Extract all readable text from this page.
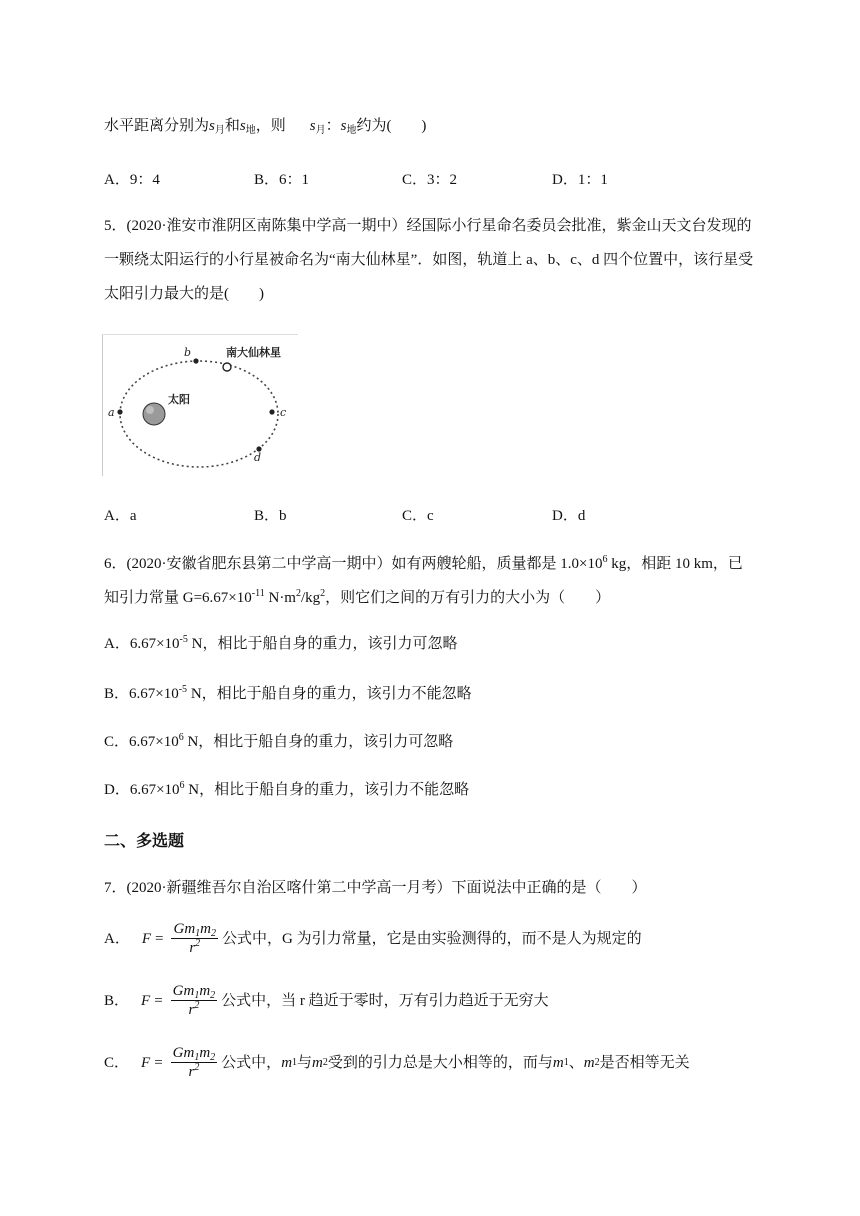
水平距离分别为$s_月$和$s_地$，则 $s_月$：$s_地$约为(　　)
A．9：4	B．6：1	C．3：2	D．1：1
5．(2020·淮安市淮阴区南陈集中学高一期中）经国际小行星命名委员会批准，紫金山天文台发现的
一颗绕太阳运行的小行星被命名为“南大仙林星”．如图，轨道上 a、b、c、d 四个位置中，该行星受
太阳引力最大的是(　　)
太阳
a
b	南大仙林星
c
d
A．a	B．b	C．c	D．d
6．(2020·安徽省肥东县第二中学高一期中）如有两艘轮船，质量都是 $1.0\times 10^6$ kg，相距 10 km，已
知引力常量 $G=6.67\times 10^{-11}$ $N\cdot m^2/kg^2$，则它们之间的万有引力的大小为（　　）
A．$6.67\times 10^{-5}$ N，相比于船自身的重力，该引力可忽略
B．$6.67\times 10^{-5}$ N，相比于船自身的重力，该引力不能忽略
C．$6.67\times 10^6$ N，相比于船自身的重力，该引力可忽略
D．$6.67\times 10^6$ N，相比于船自身的重力，该引力不能忽略
二、多选题
7．(2020·新疆维吾尔自治区喀什第二中学高一月考）下面说法中正确的是（　　）
A． $F = \frac{Gm_1m_2}{r^2}$ 公式中，G 为引力常量，它是由实验测得的，而不是人为规定的
B． $F = \frac{Gm_1m_2}{r^2}$ 公式中，当 r 趋近于零时，万有引力趋近于无穷大
C． $F = \frac{Gm_1m_2}{r^2}$ 公式中， m 1 与 m 2 受到的引力总是大小相等的，而与 m 1 、 m 2 是否相等无关
